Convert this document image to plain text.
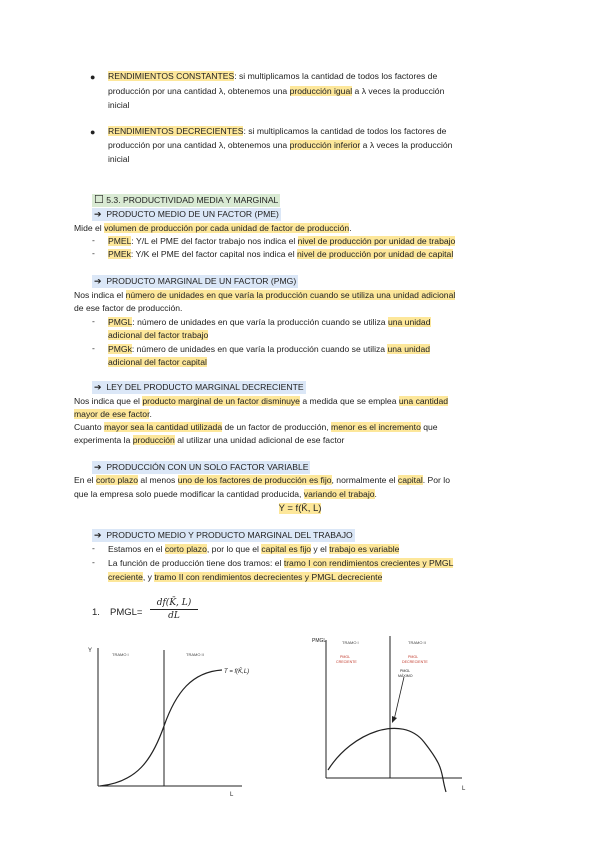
● RENDIMIENTOS CONSTANTES: si multiplicamos la cantidad de todos los factores de
producción por una cantidad λ, obtenemos una producción igual a λ veces la producción
inicial
● RENDIMIENTOS DECRECIENTES: si multiplicamos la cantidad de todos los factores de
producción por una cantidad λ, obtenemos una producción inferior a λ veces la producción
inicial
☐ 5.3. PRODUCTIVIDAD MEDIA Y MARGINAL
➔ PRODUCTO MEDIO DE UN FACTOR (PME)
Mide el volumen de producción por cada unidad de factor de producción.
- PMEL: Y/L el PME del factor trabajo nos indica el nivel de producción por unidad de trabajo
- PMEk: Y/K el PME del factor capital nos indica el nivel de producción por unidad de capital
➔ PRODUCTO MARGINAL DE UN FACTOR (PMG)
Nos indica el número de unidades en que varía la producción cuando se utiliza una unidad adicional
de ese factor de producción.
- PMGL: número de unidades en que varía la producción cuando se utiliza una unidad
adicional del factor trabajo
- PMGk: número de unidades en que varía la producción cuando se utiliza una unidad
adicional del factor capital
➔ LEY DEL PRODUCTO MARGINAL DECRECIENTE
Nos indica que el producto marginal de un factor disminuye a medida que se emplea una cantidad
mayor de ese factor.
Cuanto mayor sea la cantidad utilizada de un factor de producción, menor es el incremento que
experimenta la producción al utilizar una unidad adicional de ese factor
➔ PRODUCCIÓN CON UN SOLO FACTOR VARIABLE
En el corto plazo al menos uno de los factores de producción es fijo, normalmente el capital. Por lo
que la empresa solo puede modificar la cantidad producida, variando el trabajo.
Y = f(K̄, L)
➔ PRODUCTO MEDIO Y PRODUCTO MARGINAL DEL TRABAJO
- Estamos en el corto plazo, por lo que el capital es fijo y el trabajo es variable
- La función de producción tiene dos tramos: el tramo I con rendimientos crecientes y PMGL
creciente, y tramo II con rendimientos decrecientes y PMGL decreciente
1. PMGL= $\frac{df(K̄, L)}{dL}$
Y
L
TRAMO I	TRAMO II
T = f(K̄,L)
PMGL
L
TRAMO I	TRAMO II
PMGL
CRECIENTE
PMGL
DECRECIENTE
PMGL
MÁXIMO
